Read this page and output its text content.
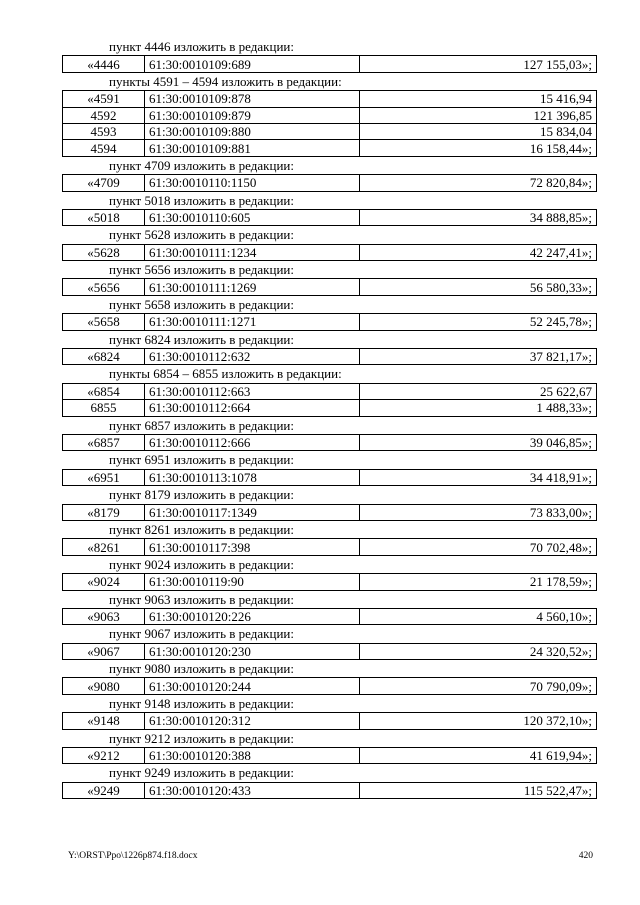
пункт 4446 изложить в редакции:
«4446	61:30:0010109:689	127 155,03»;
пункты 4591 – 4594 изложить в редакции:
«4591	61:30:0010109:878	15 416,94
4592	61:30:0010109:879	121 396,85
4593	61:30:0010109:880	15 834,04
4594	61:30:0010109:881	16 158,44»;
пункт 4709 изложить в редакции:
«4709	61:30:0010110:1150	72 820,84»;
пункт 5018 изложить в редакции:
«5018	61:30:0010110:605	34 888,85»;
пункт 5628 изложить в редакции:
«5628	61:30:0010111:1234	42 247,41»;
пункт 5656 изложить в редакции:
«5656	61:30:0010111:1269	56 580,33»;
пункт 5658 изложить в редакции:
«5658	61:30:0010111:1271	52 245,78»;
пункт 6824 изложить в редакции:
«6824	61:30:0010112:632	37 821,17»;
пункты 6854 – 6855 изложить в редакции:
«6854	61:30:0010112:663	25 622,67
6855	61:30:0010112:664	1 488,33»;
пункт 6857 изложить в редакции:
«6857	61:30:0010112:666	39 046,85»;
пункт 6951 изложить в редакции:
«6951	61:30:0010113:1078	34 418,91»;
пункт 8179 изложить в редакции:
«8179	61:30:0010117:1349	73 833,00»;
пункт 8261 изложить в редакции:
«8261	61:30:0010117:398	70 702,48»;
пункт 9024 изложить в редакции:
«9024	61:30:0010119:90	21 178,59»;
пункт 9063 изложить в редакции:
«9063	61:30:0010120:226	4 560,10»;
пункт 9067 изложить в редакции:
«9067	61:30:0010120:230	24 320,52»;
пункт 9080 изложить в редакции:
«9080	61:30:0010120:244	70 790,09»;
пункт 9148 изложить в редакции:
«9148	61:30:0010120:312	120 372,10»;
пункт 9212 изложить в редакции:
«9212	61:30:0010120:388	41 619,94»;
пункт 9249 изложить в редакции:
«9249	61:30:0010120:433	115 522,47»;
Y:\ORST\Ppo\1226p874.f18.docx	420
